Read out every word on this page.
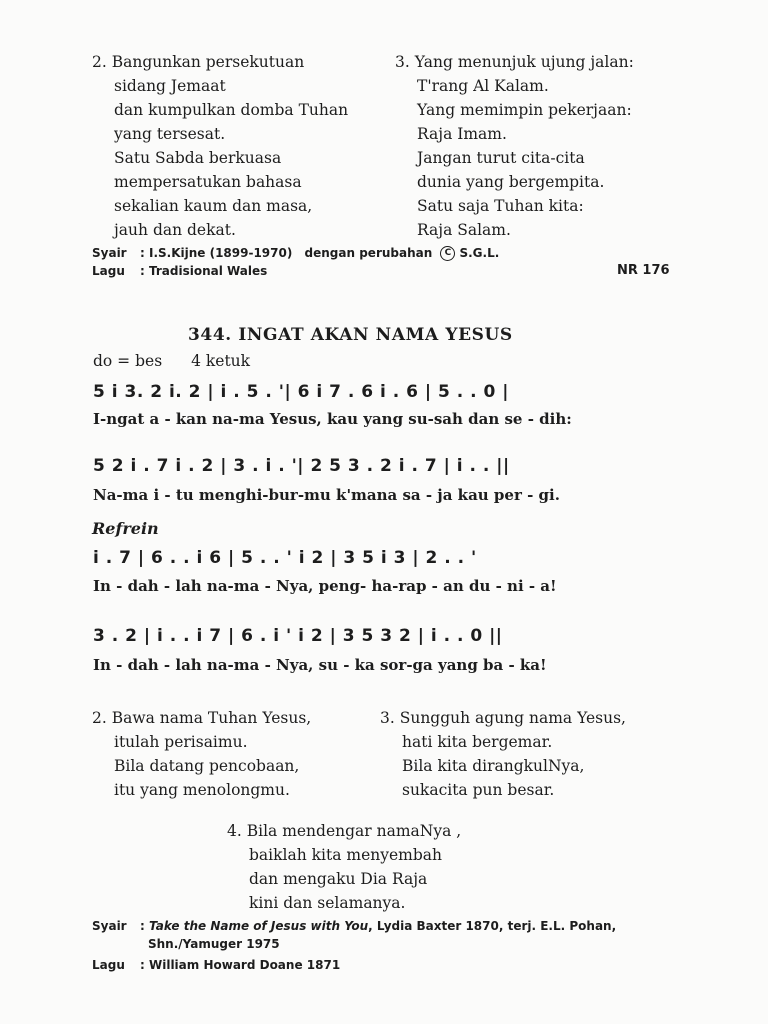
2. Bangunkan persekutuan
sidang Jemaat
dan kumpulkan domba Tuhan
yang tersesat.
Satu Sabda berkuasa
mempersatukan bahasa
sekalian kaum dan masa,
jauh dan dekat.
3. Yang menunjuk ujung jalan:
T'rang Al Kalam.
Yang memimpin pekerjaan:
Raja Imam.
Jangan turut cita-cita
dunia yang bergempita.
Satu saja Tuhan kita:
Raja Salam.
Syair : I.S.Kijne (1899-1970) dengan perubahan C S.G.L.
Lagu : Tradisional Wales	NR 176
344. INGAT AKAN NAMA YESUS
do = bes 4 ketuk
5 i 3. 2 i. 2 | i . 5 . '| 6 i 7 . 6 i . 6 | 5 . . 0 |
I-ngat a - kan na-ma Yesus, kau yang su-sah dan se - dih:
5 2 i . 7 i . 2 | 3 . i . '| 2 5 3 . 2 i . 7 | i . . ||
Na-ma i - tu menghi-bur-mu k'mana sa - ja kau per - gi.
Refrein
i . 7 | 6 . . i 6 | 5 . . ' i 2 | 3 5 i 3 | 2 . . '
In - dah - lah na-ma - Nya, peng- ha-rap - an du - ni - a!
3 . 2 | i . . i 7 | 6 . i ' i 2 | 3 5 3 2 | i . . 0 ||
In - dah - lah na-ma - Nya, su - ka sor-ga yang ba - ka!
2. Bawa nama Tuhan Yesus,
itulah perisaimu.
Bila datang pencobaan,
itu yang menolongmu.
3. Sungguh agung nama Yesus,
hati kita bergemar.
Bila kita dirangkulNya,
sukacita pun besar.
4. Bila mendengar namaNya ,
baiklah kita menyembah
dan mengaku Dia Raja
kini dan selamanya.
Syair : Take the Name of Jesus with You, Lydia Baxter 1870, terj. E.L. Pohan,
Shn./Yamuger 1975
Lagu : William Howard Doane 1871
